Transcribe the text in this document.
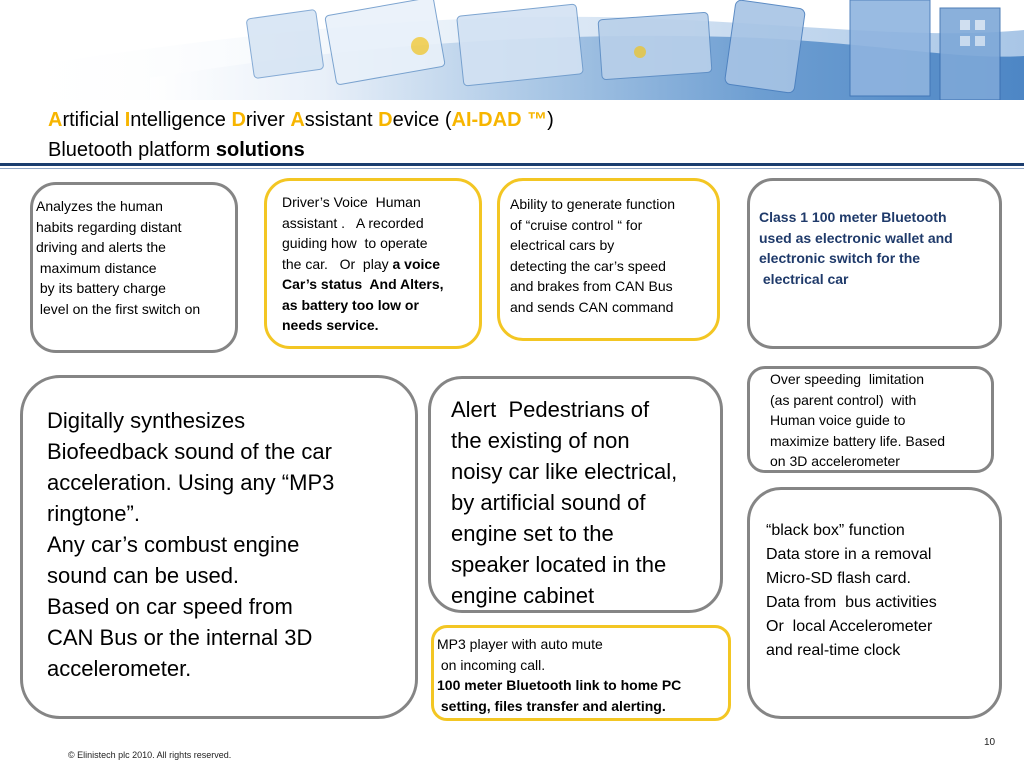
Artificial Intelligence Driver Assistant Device (AI-DAD ™)
Bluetooth platform solutions

Analyzes the human
habits regarding distant
driving and alerts the
maximum distance
by its battery charge
level on the first switch on

Driver’s Voice  Human
assistant .   A recorded
guiding how  to operate
the car.   Or  play a voice
Car’s status  And Alters,
as battery too low or
needs service.

Ability to generate function
of “cruise control “ for
electrical cars by
detecting the car’s speed
and brakes from CAN Bus
and sends CAN command

Class 1 100 meter Bluetooth
used as electronic wallet and
electronic switch for the
electrical car

Over speeding  limitation
(as parent control)  with
Human voice guide to
maximize battery life. Based
on 3D accelerometer

Digitally synthesizes
Biofeedback sound of the car
acceleration. Using any “MP3
ringtone”.
Any car’s combust engine
sound can be used.
Based on car speed from
CAN Bus or the internal 3D
accelerometer.

Alert  Pedestrians of
the existing of non
noisy car like electrical,
by artificial sound of
engine set to the
speaker located in the
engine cabinet

“black box” function
Data store in a removal
Micro-SD flash card.
Data from  bus activities
Or  local Accelerometer
and real-time clock

MP3 player with auto mute
on incoming call.
100 meter Bluetooth link to home PC
setting, files transfer and alerting.

© Elinistech plc 2010. All rights reserved.
10
